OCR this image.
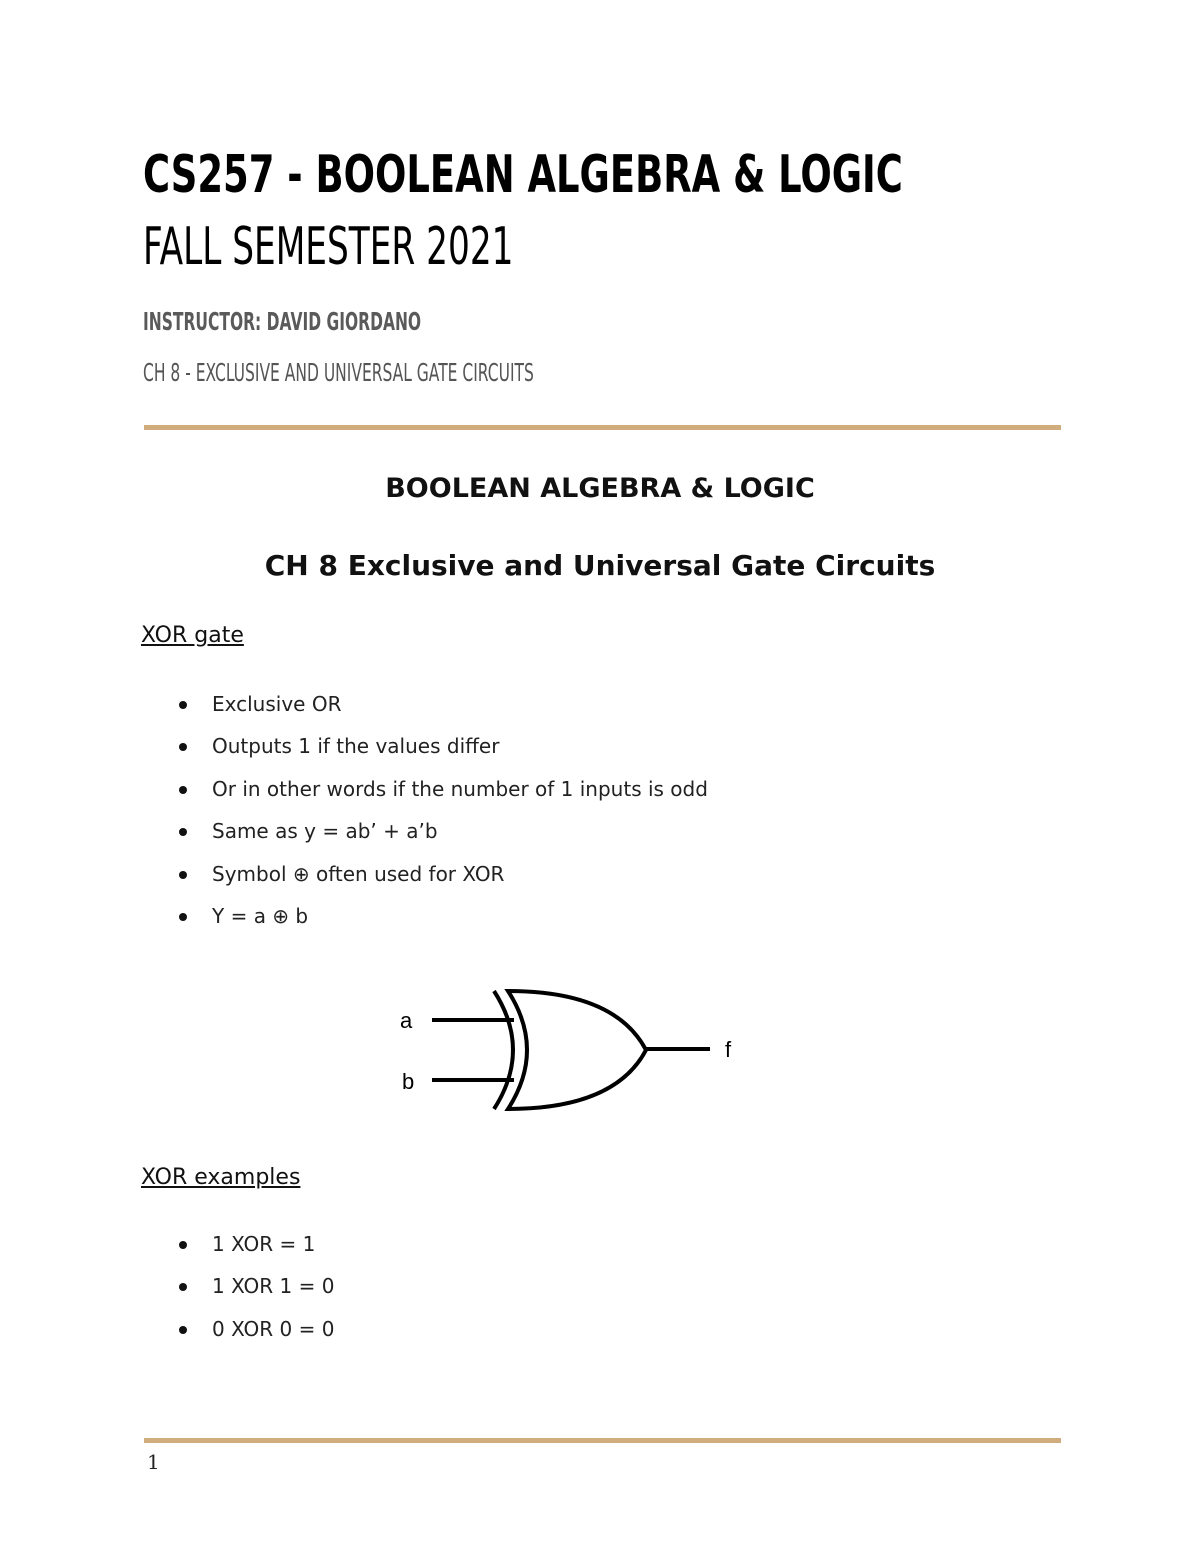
CS257 - BOOLEAN ALGEBRA & LOGIC
FALL SEMESTER 2021
INSTRUCTOR: DAVID GIORDANO
CH 8 - EXCLUSIVE AND UNIVERSAL GATE CIRCUITS
BOOLEAN ALGEBRA & LOGIC
CH 8 Exclusive and Universal Gate Circuits
XOR gate
Exclusive OR
Outputs 1 if the values differ
Or in other words if the number of 1 inputs is odd
Same as y = ab’ + a’b
Symbol ⊕ often used for XOR
Y = a ⊕ b
a
b
f
XOR examples
1 XOR = 1
1 XOR 1 = 0
0 XOR 0 = 0
1
